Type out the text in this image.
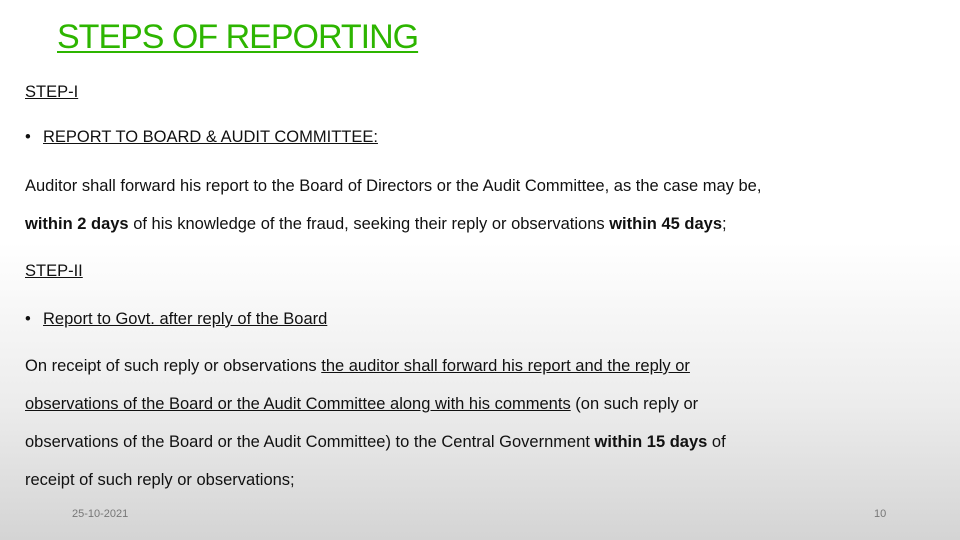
STEPS OF REPORTING
STEP-I
• REPORT TO BOARD & AUDIT COMMITTEE:
Auditor shall forward his report to the Board of Directors or the Audit Committee, as the case may be,
within 2 days of his knowledge of the fraud, seeking their reply or observations within 45 days;
STEP-II
• Report to Govt. after reply of the Board
On receipt of such reply or observations the auditor shall forward his report and the reply or
observations of the Board or the Audit Committee along with his comments (on such reply or
observations of the Board or the Audit Committee) to the Central Government within 15 days of
receipt of such reply or observations;
25-10-2021	10
